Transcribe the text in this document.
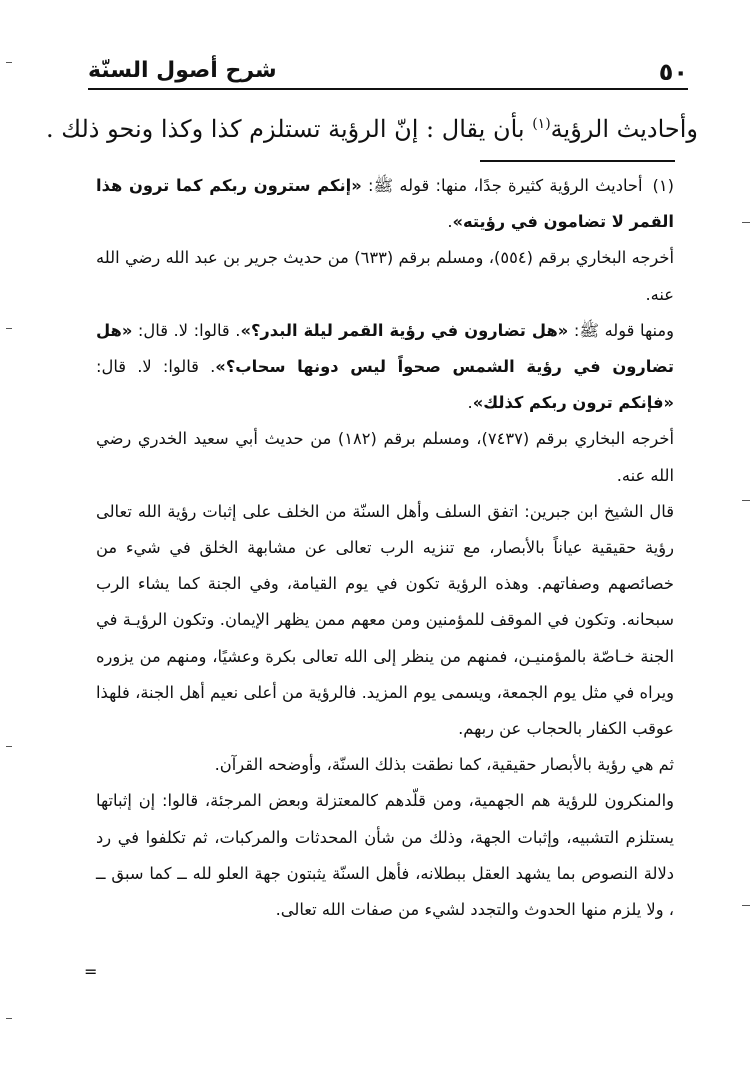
٥٠
شرح أصول السنّة
وأحاديث الرؤية$^{(١)}$ بأن يقال : إنّ الرؤية تستلزم كذا وكذا ونحو ذلك .

(١)أحاديث الرؤية كثيرة جدًا، منها: قوله ﷺ: «إنكم سترون ربكم كما ترون هذا القمر لا تضامون في رؤيته».

أخرجه البخاري برقم (٥٥٤)، ومسلم برقم (٦٣٣) من حديث جرير بن عبد الله رضي الله عنه.

ومنها قوله ﷺ: «هل تضارون في رؤية القمر ليلة البدر؟». قالوا: لا. قال: «هل تضارون في رؤية الشمس صحواً ليس دونها سحاب؟». قالوا: لا. قال: «فإنكم ترون ربكم كذلك».

أخرجه البخاري برقم (٧٤٣٧)، ومسلم برقم (١٨٢) من حديث أبي سعيد الخدري رضي الله عنه.

قال الشيخ ابن جبرين: اتفق السلف وأهل السنّة من الخلف على إثبات رؤية الله تعالى رؤية حقيقية عياناً بالأبصار، مع تنزيه الرب تعالى عن مشابهة الخلق في شيء من خصائصهم وصفاتهم. وهذه الرؤية تكون في يوم القيامة، وفي الجنة كما يشاء الرب سبحانه. وتكون في الموقف للمؤمنين ومن معهم ممن يظهر الإيمان. وتكون الرؤيـة في الجنة خـاصّة بالمؤمنيـن، فمنهم من ينظر إلى الله تعالى بكرة وعشيًا، ومنهم من يزوره ويراه في مثل يوم الجمعة، ويسمى يوم المزيد. فالرؤية من أعلى نعيم أهل الجنة، فلهذا عوقب الكفار بالحجاب عن ربهم.

ثم هي رؤية بالأبصار حقيقية، كما نطقت بذلك السنّة، وأوضحه القرآن.

والمنكرون للرؤية هم الجهمية، ومن قلّدهم كالمعتزلة وبعض المرجئة، قالوا: إن إثباتها يستلزم التشبيه، وإثبات الجهة، وذلك من شأن المحدثات والمركبات، ثم تكلفوا في رد دلالة النصوص بما يشهد العقل ببطلانه، فأهل السنّة يثبتون جهة العلو لله ــ كما سبق ــ ، ولا يلزم منها الحدوث والتجدد لشيء من صفات الله تعالى.

=
